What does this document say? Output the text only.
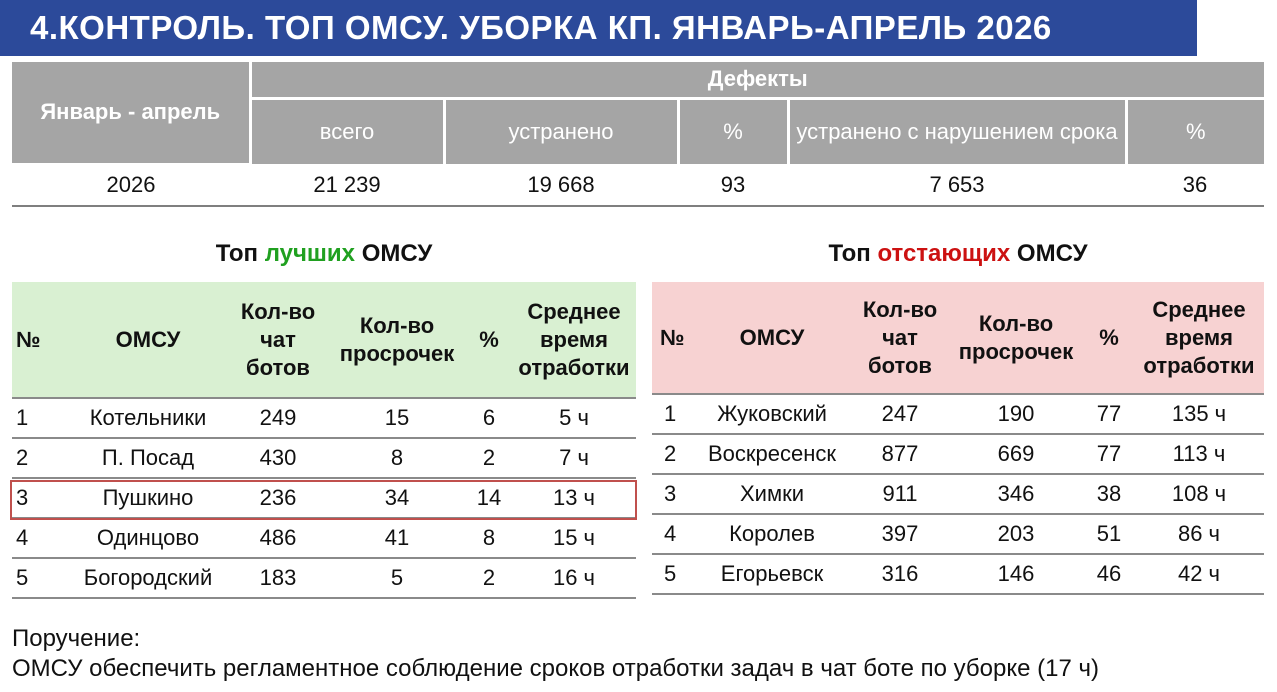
4.КОНТРОЛЬ. ТОП ОМСУ. УБОРКА КП. ЯНВАРЬ-АПРЕЛЬ 2026
Январь - апрель	Дефекты				
	всего	устранено	%	устранено с нарушением срока	%
2026	21 239	19 668	93	7 653	36
Топ лучших ОМСУ	Топ отстающих ОМСУ
№	ОМСУ	Кол-во чат ботов	Кол-во просрочек	%	Среднее время отработки
1	Котельники	249	15	6	5 ч
2	П. Посад	430	8	2	7 ч
3	Пушкино	236	34	14	13 ч
4	Одинцово	486	41	8	15 ч
5	Богородский	183	5	2	16 ч
№	ОМСУ	Кол-во чат ботов	Кол-во просрочек	%	Среднее время отработки
1	Жуковский	247	190	77	135 ч
2	Воскресенск	877	669	77	113 ч
3	Химки	911	346	38	108 ч
4	Королев	397	203	51	86 ч
5	Егорьевск	316	146	46	42 ч
Поручение:
ОМСУ обеспечить регламентное соблюдение сроков отработки задач в чат боте по уборке (17 ч)
